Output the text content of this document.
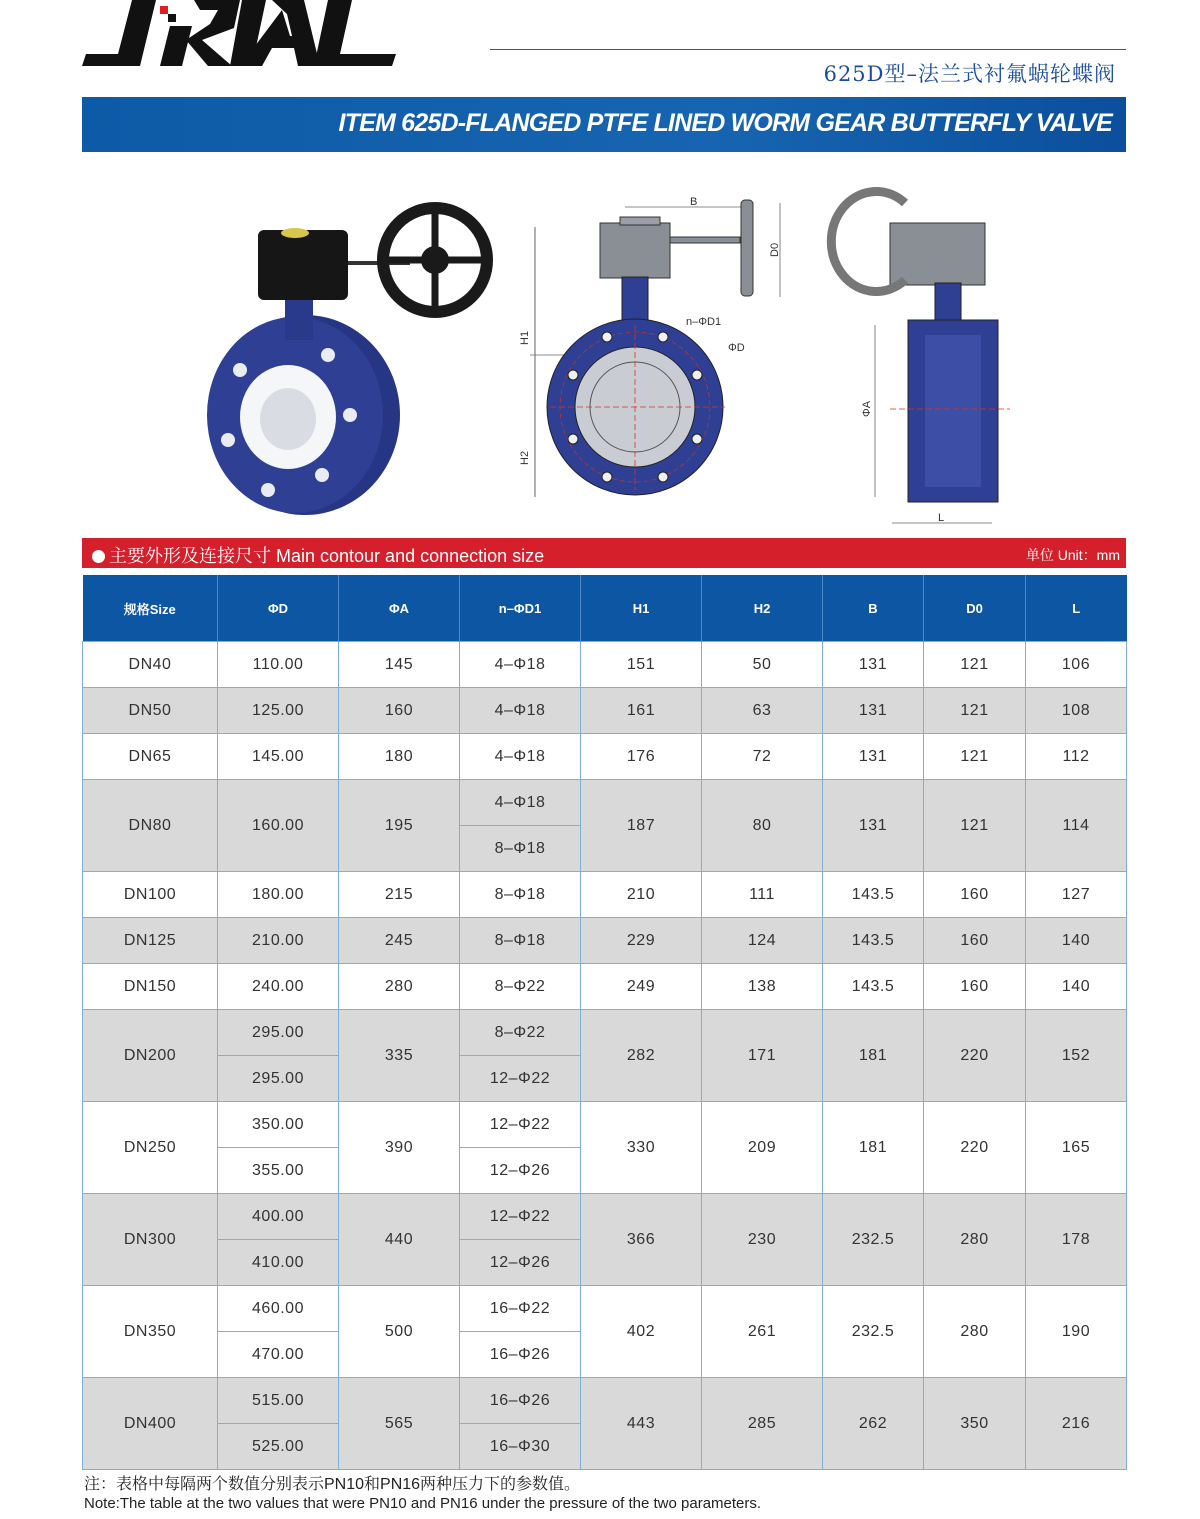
625D型–法兰式衬氟蜗轮蝶阀
ITEM 625D-FLANGED PTFE LINED WORM GEAR BUTTERFLY VALVE
H1
H2
B
D0
n–ΦD1
ΦD
ΦA
L
主要外形及连接尺寸 Main contour and connection size	单位 Unit：mm
规格Size	ΦD	ΦA	n–ΦD1	H1	H2	B	D0	L
DN40	110.00	145	4–Φ18	151	50	131	121	106
DN50	125.00	160	4–Φ18	161	63	131	121	108
DN65	145.00	180	4–Φ18	176	72	131	121	112
DN80	160.00	195	4–Φ18	187	80	131	121	114
			8–Φ18					
DN100	180.00	215	8–Φ18	210	111	143.5	160	127
DN125	210.00	245	8–Φ18	229	124	143.5	160	140
DN150	240.00	280	8–Φ22	249	138	143.5	160	140
DN200	295.00	335	8–Φ22	282	171	181	220	152
	295.00		12–Φ22					
DN250	350.00	390	12–Φ22	330	209	181	220	165
	355.00		12–Φ26					
DN300	400.00	440	12–Φ22	366	230	232.5	280	178
	410.00		12–Φ26					
DN350	460.00	500	16–Φ22	402	261	232.5	280	190
	470.00		16–Φ26					
DN400	515.00	565	16–Φ26	443	285	262	350	216
	525.00		16–Φ30					
注：表格中每隔两个数值分别表示PN10和PN16两种压力下的参数值。
Note:The table at the two values that were PN10 and PN16 under the pressure of the two parameters.
